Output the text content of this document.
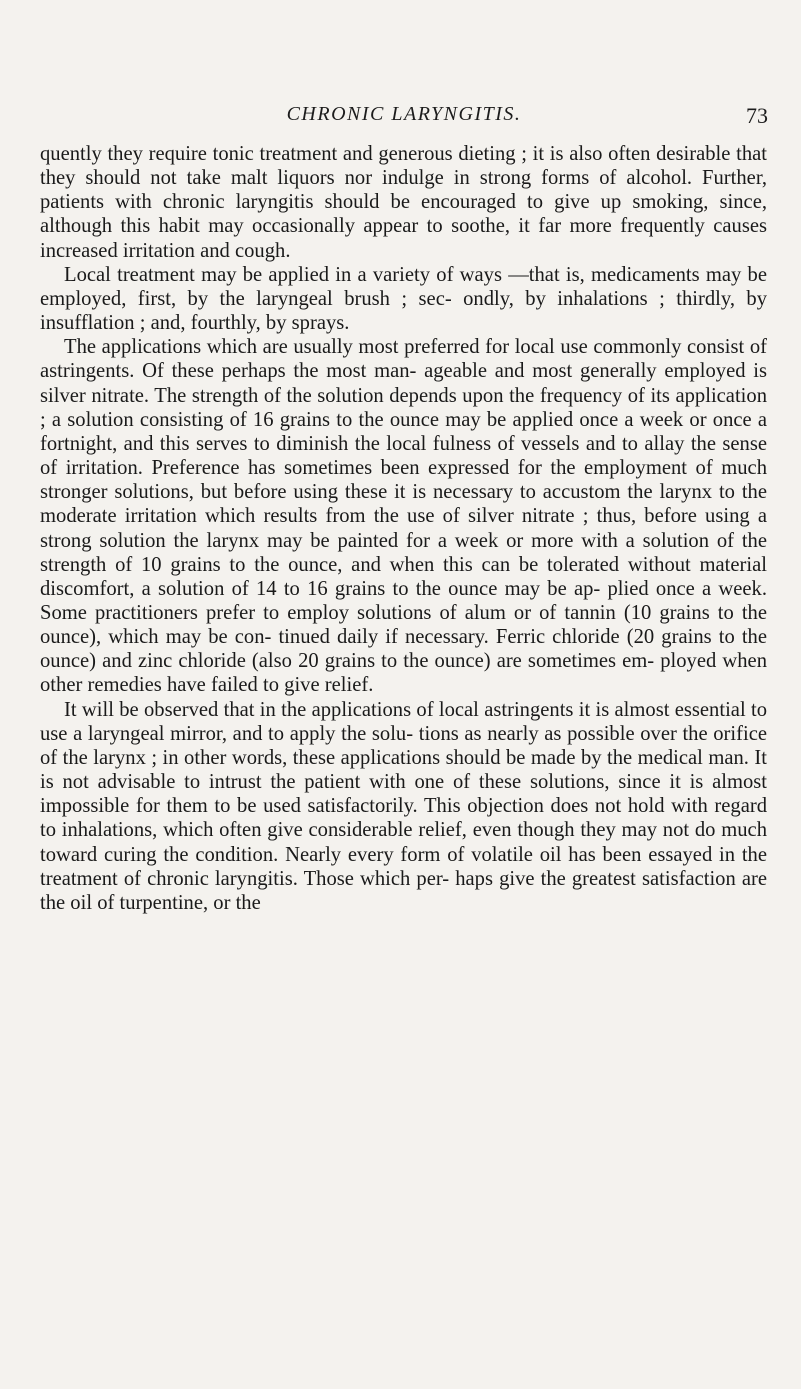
CHRONIC LARYNGITIS.	73

quently they require tonic treatment and generous dieting ; it is also often desirable that they should not take malt liquors nor indulge in strong forms of alcohol. Further, patients with chronic laryngitis should be encouraged to give up smoking, since, although this habit may occasionally appear to soothe, it far more frequently causes increased irritation and cough.

Local treatment may be applied in a variety of ways —that is, medicaments may be employed, first, by the laryngeal brush ; sec- ondly, by inhalations ; thirdly, by insufflation ; and, fourthly, by sprays.

The applications which are usually most preferred for local use commonly consist of astringents. Of these perhaps the most man- ageable and most generally employed is silver nitrate. The strength of the solution depends upon the frequency of its application ; a solution consisting of 16 grains to the ounce may be applied once a week or once a fortnight, and this serves to diminish the local fulness of vessels and to allay the sense of irritation. Preference has sometimes been expressed for the employment of much stronger solutions, but before using these it is necessary to accustom the larynx to the moderate irritation which results from the use of silver nitrate ; thus, before using a strong solution the larynx may be painted for a week or more with a solution of the strength of 10 grains to the ounce, and when this can be tolerated without material discomfort, a solution of 14 to 16 grains to the ounce may be ap- plied once a week. Some practitioners prefer to employ solutions of alum or of tannin (10 grains to the ounce), which may be con- tinued daily if necessary. Ferric chloride (20 grains to the ounce) and zinc chloride (also 20 grains to the ounce) are sometimes em- ployed when other remedies have failed to give relief.

It will be observed that in the applications of local astringents it is almost essential to use a laryngeal mirror, and to apply the solu- tions as nearly as possible over the orifice of the larynx ; in other words, these applications should be made by the medical man. It is not advisable to intrust the patient with one of these solutions, since it is almost impossible for them to be used satisfactorily. This objection does not hold with regard to inhalations, which often give considerable relief, even though they may not do much toward curing the condition. Nearly every form of volatile oil has been essayed in the treatment of chronic laryngitis. Those which per- haps give the greatest satisfaction are the oil of turpentine, or the
